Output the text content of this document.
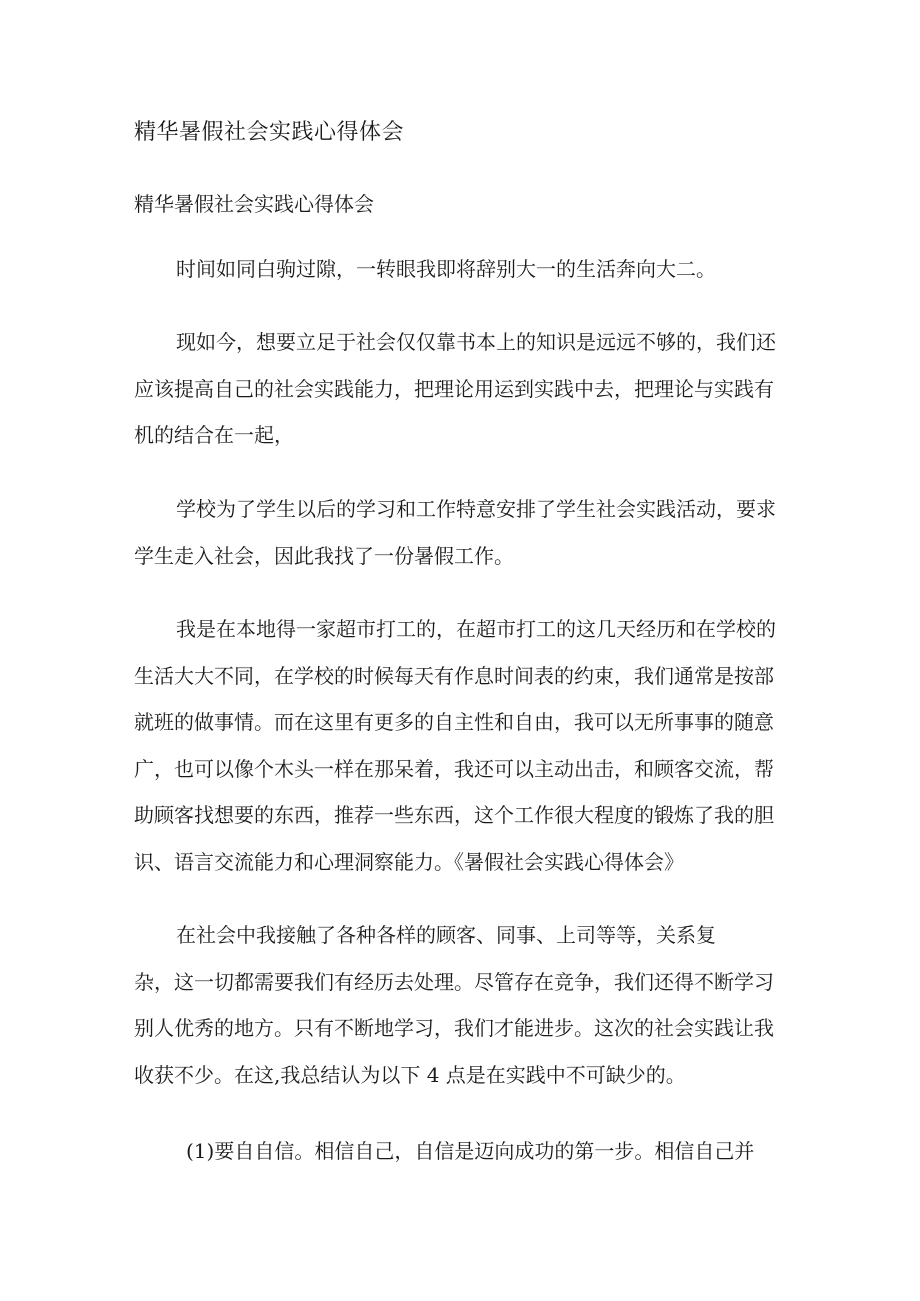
精华暑假社会实践心得体会
精华暑假社会实践心得体会
时间如同白驹过隙，一转眼我即将辞别大一的生活奔向大二。
现如今，想要立足于社会仅仅靠书本上的知识是远远不够的，我们还
应该提高自己的社会实践能力，把理论用运到实践中去，把理论与实践有
机的结合在一起，
学校为了学生以后的学习和工作特意安排了学生社会实践活动，要求
学生走入社会，因此我找了一份暑假工作。
我是在本地得一家超市打工的，在超市打工的这几天经历和在学校的
生活大大不同，在学校的时候每天有作息时间表的约束，我们通常是按部
就班的做事情。而在这里有更多的自主性和自由，我可以无所事事的随意
广，也可以像个木头一样在那呆着，我还可以主动出击，和顾客交流，帮
助顾客找想要的东西，推荐一些东西，这个工作很大程度的锻炼了我的胆
识、语言交流能力和心理洞察能力。《暑假社会实践心得体会》
在社会中我接触了各种各样的顾客、同事、上司等等，关系复
杂，这一切都需要我们有经历去处理。尽管存在竞争，我们还得不断学习
别人优秀的地方。只有不断地学习，我们才能进步。这次的社会实践让我
收获不少。在这,我总结认为以下 4 点是在实践中不可缺少的。
(1)要自自信。相信自己，自信是迈向成功的第一步。相信自己并
